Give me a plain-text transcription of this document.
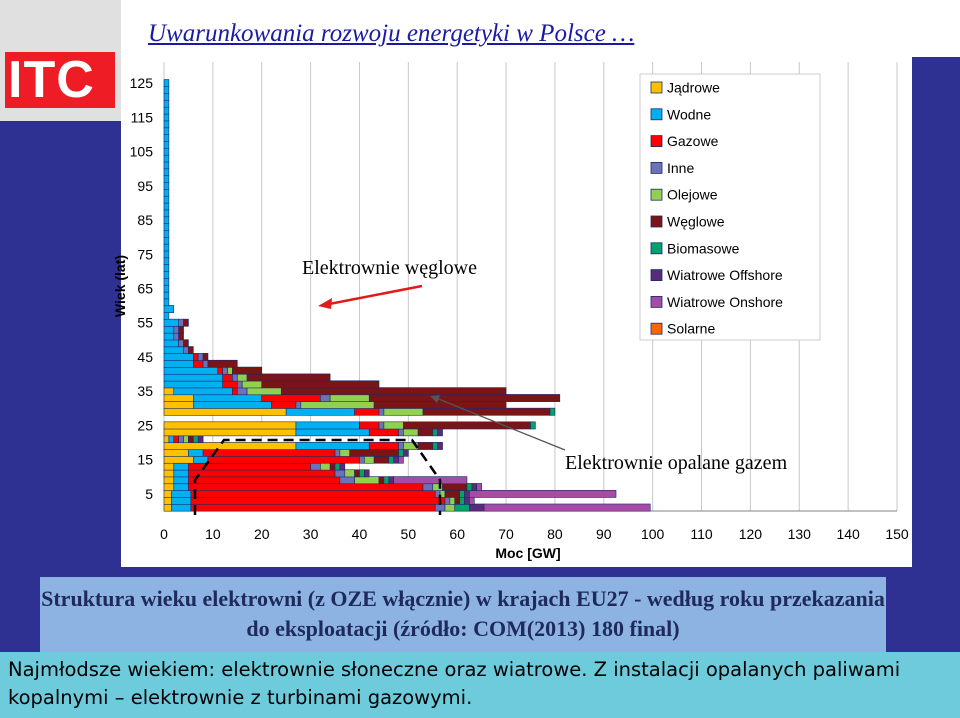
ITC
Uwarunkowania rozwoju energetyki w Polsce …
5
15
25
35
45
55
65
75
85
95
105
115
125
0	10 20 30 40 50 60 70 80 90 100 110 120 130 140 150
Wiek (lat)
Moc [GW]
Jądrowe
Wodne
Gazowe
Inne
Olejowe
Węglowe
Biomasowe
Wiatrowe Offshore
Wiatrowe Onshore
Solarne
Elektrownie węglowe
Elektrownie opalane gazem
Struktura wieku elektrowni (z OZE włącznie) w krajach EU27 - według roku przekazania do eksploatacji (źródło: COM(2013) 180 final)
Najmłodsze wiekiem: elektrownie słoneczne oraz wiatrowe. Z instalacji opalanych paliwami kopalnymi – elektrownie z turbinami gazowymi.
